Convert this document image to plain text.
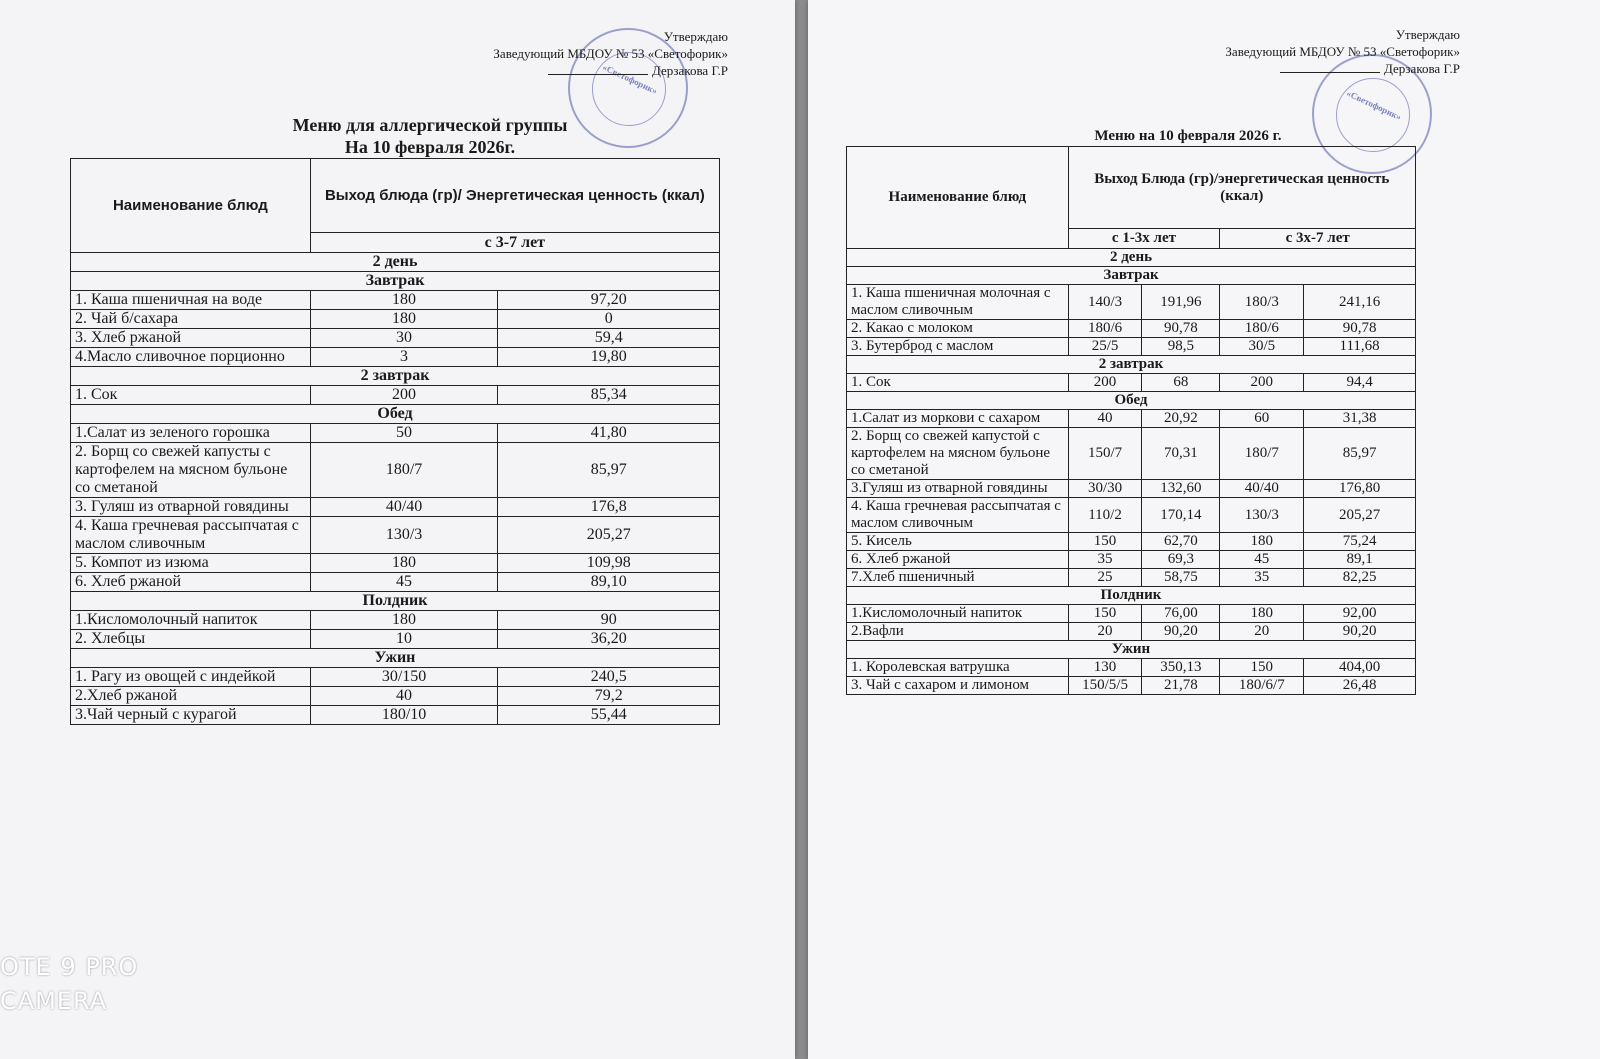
«Светофорик»
Утверждаю
Заведующий МБДОУ № 53 «Светофорик»
Дерзакова Г.Р
Меню для аллергической группы
На 10 февраля 2026г.
Наименование блюд	Выход блюда (гр)/ Энергетическая ценность (ккал)	
	с 3-7 лет	
2 день		
Завтрак		
1. Каша пшеничная на воде	180	97,20
2. Чай б/сахара	180	0
3. Хлеб ржаной	30	59,4
4.Масло сливочное порционно	3	19,80
2 завтрак		
1. Сок	200	85,34
Обед		
1.Салат из зеленого горошка	50	41,80
2. Борщ со свежей капусты с картофелем на мясном бульоне со сметаной	180/7	85,97
3. Гуляш из отварной говядины	40/40	176,8
4. Каша гречневая рассыпчатая с маслом сливочным	130/3	205,27
5. Компот из изюма	180	109,98
6. Хлеб ржаной	45	89,10
Полдник		
1.Кисломолочный напиток	180	90
2. Хлебцы	10	36,20
Ужин		
1. Рагу из овощей с индейкой	30/150	240,5
2.Хлеб ржаной	40	79,2
3.Чай черный с курагой	180/10	55,44
«Светофорик»
Утверждаю
Заведующий МБДОУ № 53 «Светофорик»
Дерзакова Г.Р
Меню на 10 февраля 2026 г.
Наименование блюд	Выход Блюда (гр)/энергетическая ценность (ккал)			
	с 1-3х лет		с 3х-7 лет	
2 день				
Завтрак				
1. Каша пшеничная молочная с маслом сливочным	140/3	191,96	180/3	241,16
2. Какао с молоком	180/6	90,78	180/6	90,78
3. Бутерброд с маслом	25/5	98,5	30/5	111,68
2 завтрак				
1. Сок	200	68	200	94,4
Обед				
1.Салат из моркови с сахаром	40	20,92	60	31,38
2. Борщ со свежей капустой с картофелем на мясном бульоне со сметаной	150/7	70,31	180/7	85,97
3.Гуляш из отварной говядины	30/30	132,60	40/40	176,80
4. Каша гречневая рассыпчатая с маслом сливочным	110/2	170,14	130/3	205,27
5. Кисель	150	62,70	180	75,24
6. Хлеб ржаной	35	69,3	45	89,1
7.Хлеб пшеничный	25	58,75	35	82,25
Полдник				
1.Кисломолочный напиток	150	76,00	180	92,00
2.Вафли	20	90,20	20	90,20
Ужин				
1. Королевская ватрушка	130	350,13	150	404,00
3. Чай с сахаром и лимоном	150/5/5	21,78	180/6/7	26,48
OTE 9 PRO
CAMERA
